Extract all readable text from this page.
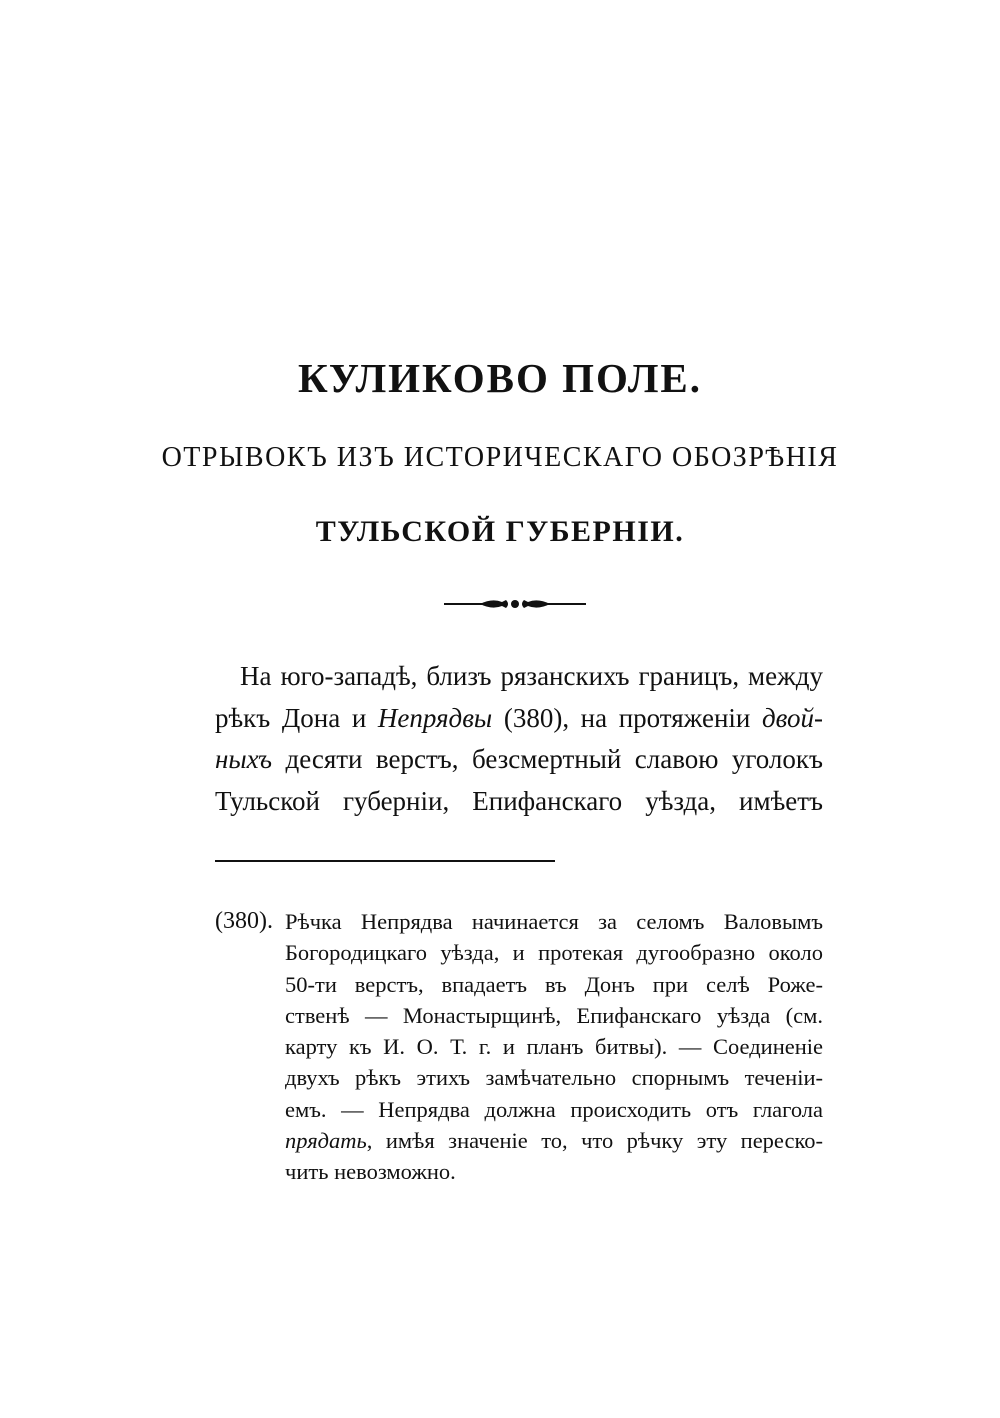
КУЛИКОВО ПОЛЕ.
ОТРЫВОКЪ ИЗЪ ИСТОРИЧЕСКАГО ОБОЗРѢНІЯ
ТУЛЬСКОЙ ГУБЕРНІИ.
На юго-западѣ, близъ рязанскихъ границъ, между
рѣкъ Дона и Непрядвы (380), на протяженіи двой-
ныхъ десяти верстъ, безсмертный славою уголокъ
Тульской губерніи, Епифанскаго уѣзда, имѣетъ
(380). Рѣчка Непрядва начинается за селомъ Валовымъ
Богородицкаго уѣзда, и протекая дугообразно около
50-ти верстъ, впадаетъ въ Донъ при селѣ Роже-
ственѣ — Монастырщинѣ, Епифанскаго уѣзда (см.
карту къ И. О. Т. г. и планъ битвы). — Соединеніе
двухъ рѣкъ этихъ замѣчательно спорнымъ теченіи-
емъ. — Непрядва должна происходить отъ глагола
прядать, имѣя значеніе то, что рѣчку эту переско-
чить невозможно.
